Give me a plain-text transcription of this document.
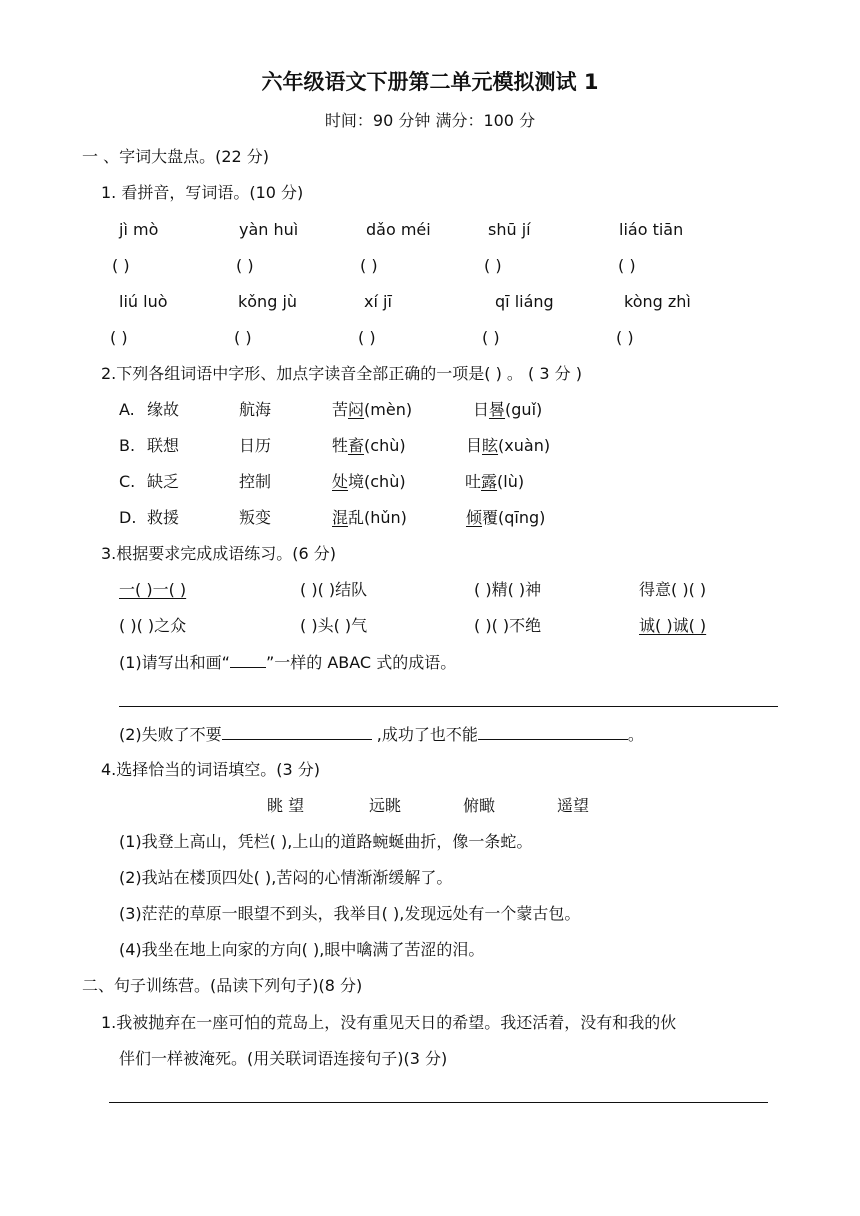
六年级语文下册第二单元模拟测试 1
时间：90 分钟 满分：100 分
一 、字词大盘点。(22 分)
1. 看拼音，写词语。(10 分)
jì mò	yàn huì	dǎo méi	shū jí	liáo tiān
( )	( )	( )	( )	( )
liú luò	kǒng jù	xí jī	qī liáng	kòng zhì
( )	( )	( )	( )	( )
2.下列各组词语中字形、加点字读音全部正确的一项是( ) 。 ( 3 分 )
A. 缘故	航海	苦闷(mèn)	日晷(guǐ)
B. 联想	日历	牲畜(chù)	目眩(xuàn)
C. 缺乏	控制	处境(chù)	吐露(lù)
D. 救援	叛变	混乱(hǔn)	倾覆(qīng)
3.根据要求完成成语练习。(6 分)
一( )一( )	( )( )结队	( )精( )神	得意( )( )
( )( )之众	( )头( )气	( )( )不绝	诚( )诚( )
(1)请写出和画“ ”一样的 ABAC 式的成语。
(2)失败了不要	,成功了也不能	。
4.选择恰当的词语填空。(3 分)
眺 望	远眺	俯瞰	遥望
(1)我登上高山，凭栏( ),上山的道路蜿蜒曲折，像一条蛇。
(2)我站在楼顶四处( ),苦闷的心情渐渐缓解了。
(3)茫茫的草原一眼望不到头，我举目( ),发现远处有一个蒙古包。
(4)我坐在地上向家的方向( ),眼中噙满了苦涩的泪。
二、句子训练营。(品读下列句子)(8 分)
1.我被抛弃在一座可怕的荒岛上，没有重见天日的希望。我还活着，没有和我的伙
伴们一样被淹死。(用关联词语连接句子)(3 分)
